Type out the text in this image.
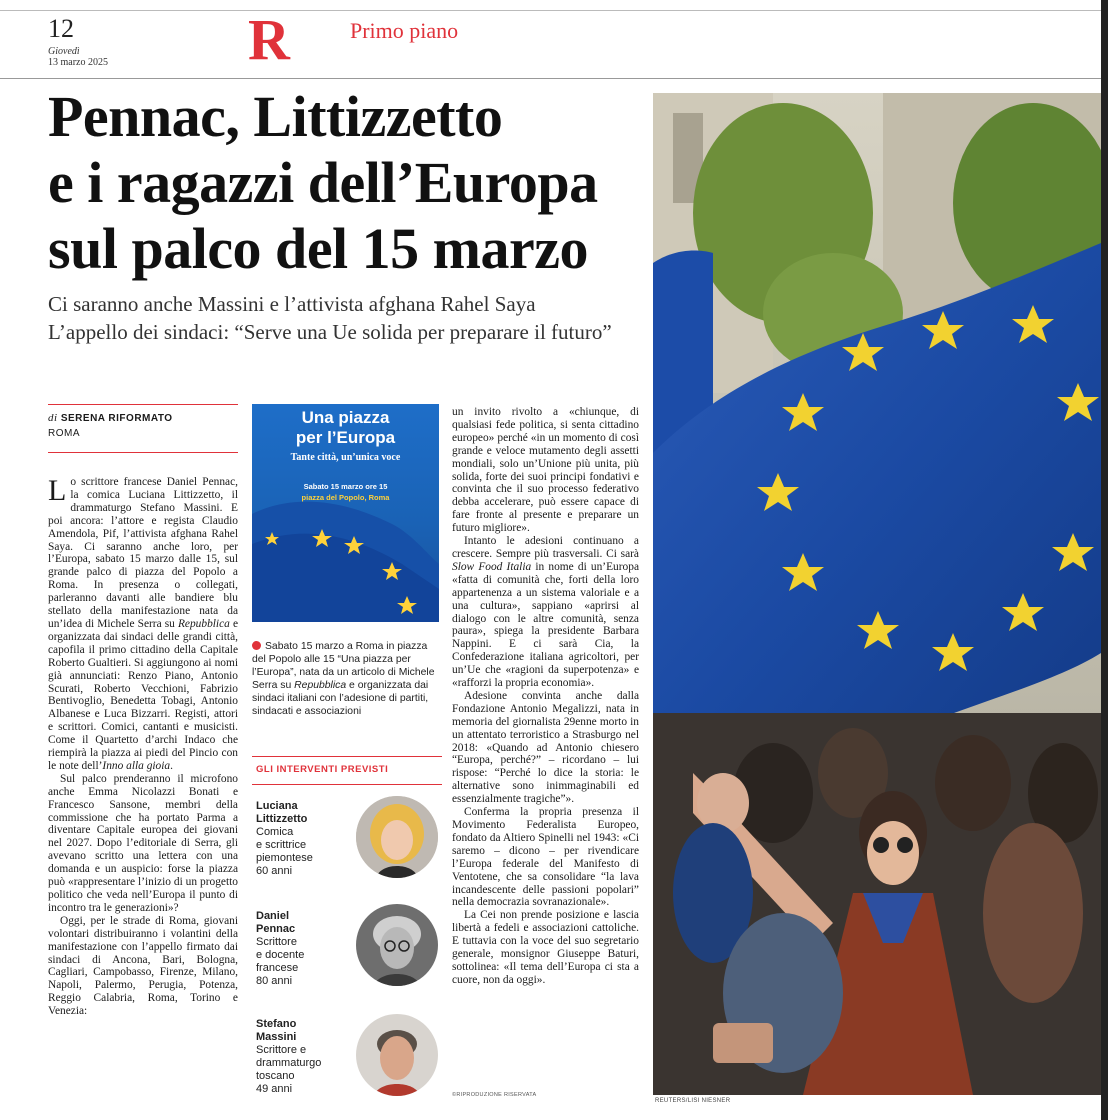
12
Giovedì
13 marzo 2025 R	Primo piano
Pennac, Littizzetto
e i ragazzi dell’Europa
sul palco del 15 marzo
Ci saranno anche Massini e l’attivista afghana Rahel Saya
L’appello dei sindaci: “Serve una Ue solida per preparare il futuro”
di SERENA RIFORMATO
ROMA

Lo scrittore francese Daniel Pennac, la comica Luciana Littizzetto, il drammaturgo Stefano Massini. E poi ancora: l’attore e regista Claudio Amendola, Pif, l’attivista afghana Rahel Saya. Ci saranno anche loro, per l’Europa, sabato 15 marzo dalle 15, sul grande palco di piazza del Popolo a Roma. In presenza o collegati, parleranno davanti alle bandiere blu stellato della manifestazione nata da un’idea di Michele Serra su Repubblica e organizzata dai sindaci delle grandi città, capofila il primo cittadino della Capitale Roberto Gualtieri. Si aggiungono ai nomi già annunciati: Renzo Piano, Antonio Scurati, Roberto Vecchioni, Fabrizio Bentivoglio, Benedetta Tobagi, Antonio Albanese e Luca Bizzarri. Registi, attori e scrittori. Comici, cantanti e musicisti. Come il Quartetto d’archi Indaco che riempirà la piazza ai piedi del Pincio con le note dell’Inno alla gioia.

Sul palco prenderanno il microfono anche Emma Nicolazzi Bonati e Francesco Sansone, membri della commissione che ha portato Parma a diventare Capitale europea dei giovani nel 2027. Dopo l’editoriale di Serra, gli avevano scritto una lettera con una domanda e un auspicio: forse la piazza può «rappresentare l’inizio di un progetto politico che veda nell’Europa il punto di incontro tra le generazioni»?

Oggi, per le strade di Roma, giovani volontari distribuiranno i volantini della manifestazione con l’appello firmato dai sindaci di Ancona, Bari, Bologna, Cagliari, Campobasso, Firenze, Milano, Napoli, Palermo, Perugia, Potenza, Reggio Calabria, Roma, Torino e Venezia:

Una piazza
per l’Europa
Tante città, un’unica voce
Sabato 15 marzo ore 15
piazza del Popolo, Roma
Sabato 15 marzo a Roma in piazza del Popolo alle 15 “Una piazza per l’Europa”, nata da un articolo di Michele Serra su Repubblica e organizzata dai sindaci italiani con l’adesione di partiti, sindacati e associazioni
GLI INTERVENTI PREVISTI
Luciana
Littizzetto
Comica
e scrittrice
piemontese
60 anni
Daniel
Pennac
Scrittore
e docente
francese
80 anni
Stefano
Massini
Scrittore e
drammaturgo
toscano
49 anni

un invito rivolto a «chiunque, di qualsiasi fede politica, si senta cittadino europeo» perché «in un momento di così grande e veloce mutamento degli assetti mondiali, solo un’Unione più unita, più solida, forte dei suoi principi fondativi e convinta che il suo processo federativo debba accelerare, può essere capace di fare fronte al presente e preparare un futuro migliore».

Intanto le adesioni continuano a crescere. Sempre più trasversali. Ci sarà Slow Food Italia in nome di un’Europa «fatta di comunità che, forti della loro appartenenza a un sistema valoriale e a una cultura», sappiano «aprirsi al dialogo con le altre comunità, senza paura», spiega la presidente Barbara Nappini. E ci sarà Cia, la Confederazione italiana agricoltori, per un’Ue che «ragioni da superpotenza» e «rafforzi la propria economia».

Adesione convinta anche dalla Fondazione Antonio Megalizzi, nata in memoria del giornalista 29enne morto in un attentato terroristico a Strasburgo nel 2018: «Quando ad Antonio chiesero “Europa, perché?” – ricordano – lui rispose: “Perché lo dice la storia: le alternative sono inimmaginabili ed essenzialmente tragiche”».

Conferma la propria presenza il Movimento Federalista Europeo, fondato da Altiero Spinelli nel 1943: «Ci saremo – dicono – per rivendicare l’Europa federale del Manifesto di Ventotene, che sa consolidare “la lava incandescente delle passioni popolari” nella democrazia sovranazionale».

La Cei non prende posizione e lascia libertà a fedeli e associazioni cattoliche. E tuttavia con la voce del suo segretario generale, monsignor Giuseppe Baturi, sottolinea: «Il tema dell’Europa ci sta a cuore, non da oggi».

©RIPRODUZIONE RISERVATA
REUTERS/LISI NIESNER
